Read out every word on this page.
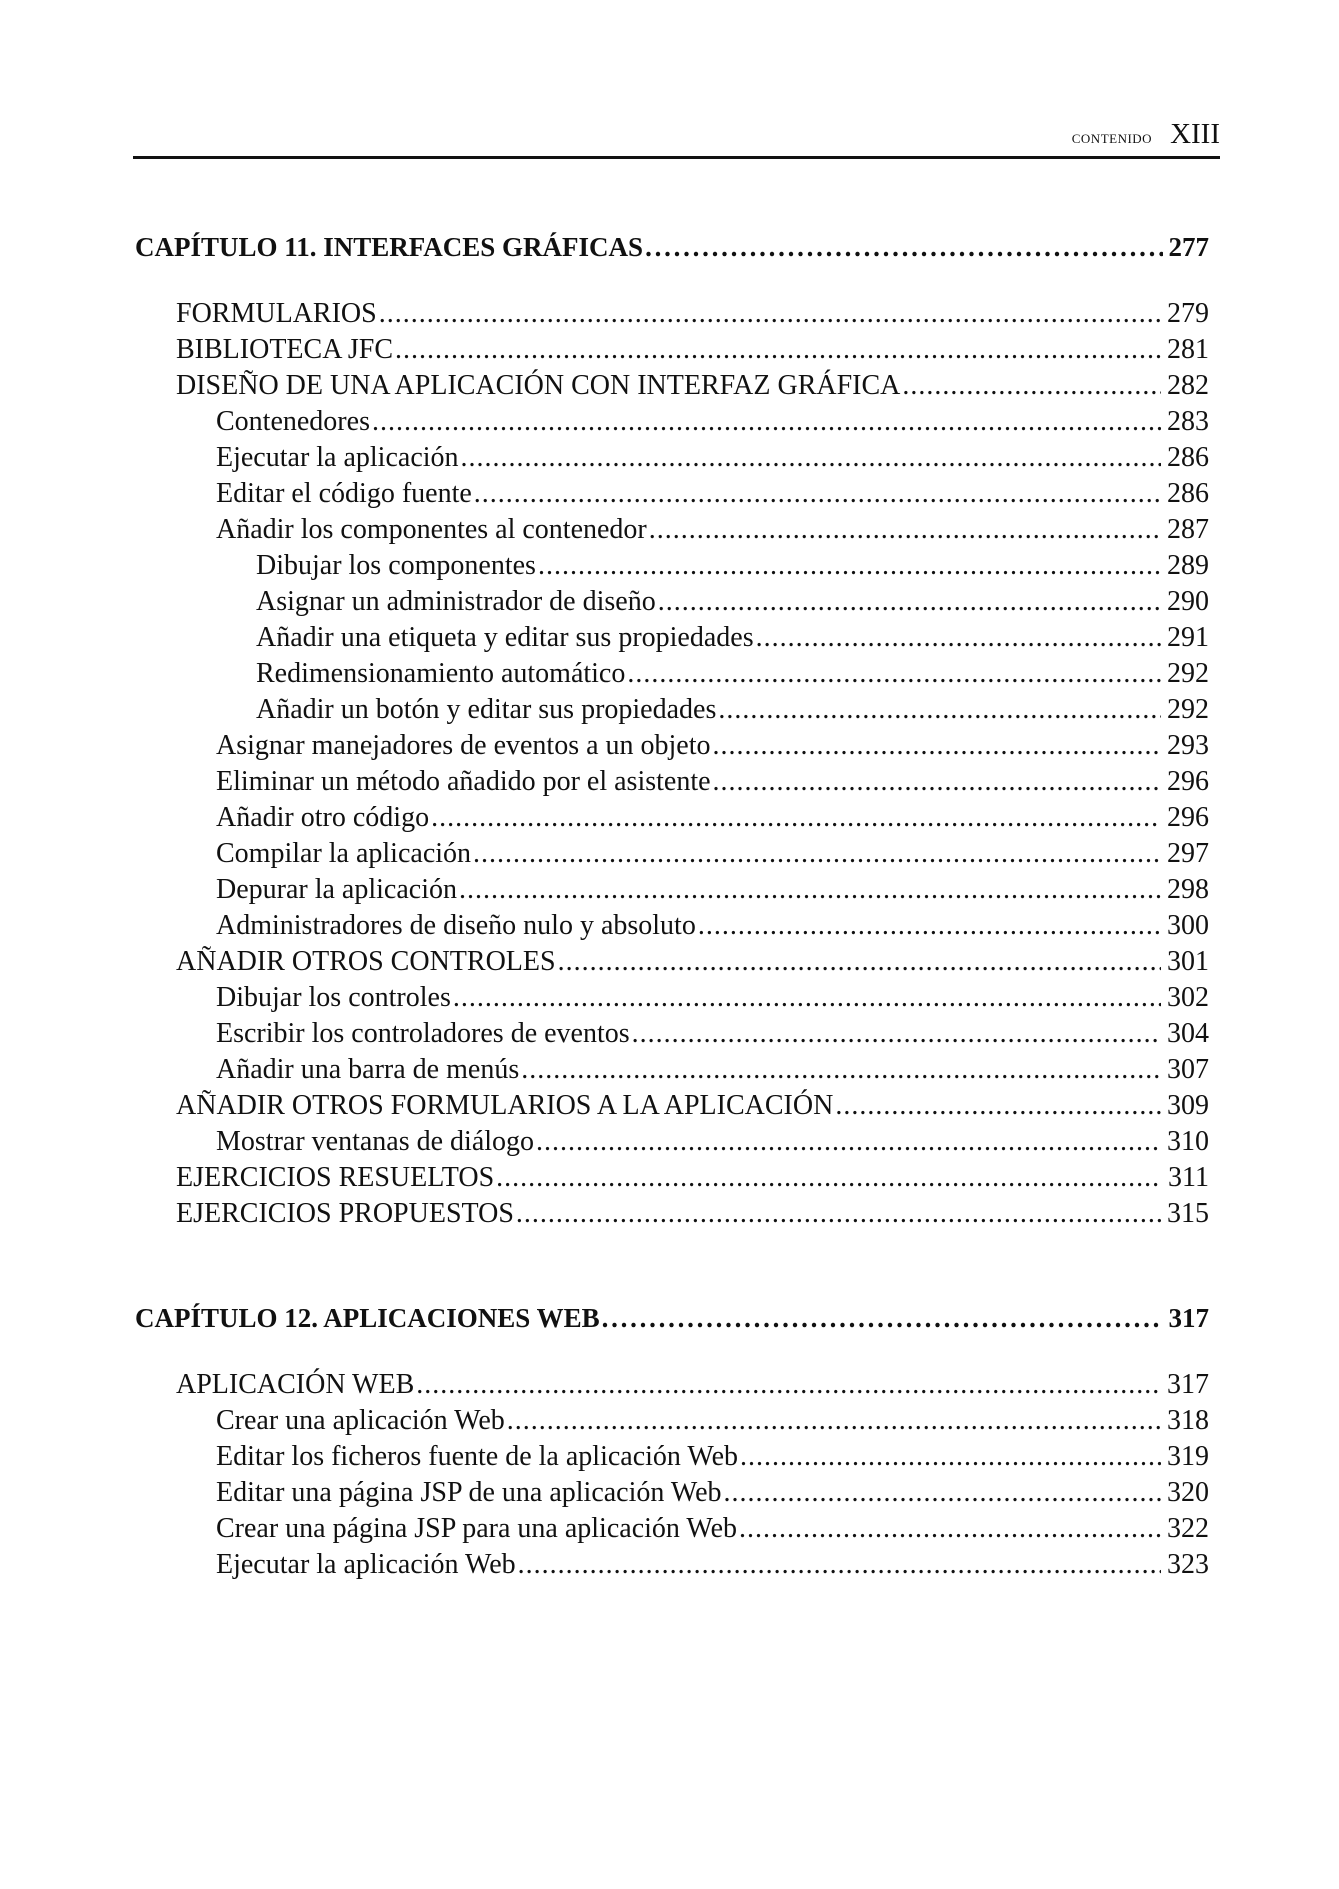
contenido XIII
CAPÍTULO 11. INTERFACES GRÁFICAS . . .	277
FORMULARIOS . . .	279
BIBLIOTECA JFC . . .	281
DISEÑO DE UNA APLICACIÓN CON INTERFAZ GRÁFICA . . .	282
Contenedores . . .	283
Ejecutar la aplicación . . .	286
Editar el código fuente . . .	286
Añadir los componentes al contenedor . . .	287
Dibujar los componentes . . .	289
Asignar un administrador de diseño . . .	290
Añadir una etiqueta y editar sus propiedades . . .	291
Redimensionamiento automático . . .	292
Añadir un botón y editar sus propiedades . . .	292
Asignar manejadores de eventos a un objeto . . .	293
Eliminar un método añadido por el asistente . . .	296
Añadir otro código . . .	296
Compilar la aplicación . . .	297
Depurar la aplicación . . .	298
Administradores de diseño nulo y absoluto . . .	300
AÑADIR OTROS CONTROLES . . .	301
Dibujar los controles . . .	302
Escribir los controladores de eventos . . .	304
Añadir una barra de menús . . .	307
AÑADIR OTROS FORMULARIOS A LA APLICACIÓN . . .	309
Mostrar ventanas de diálogo . . .	310
EJERCICIOS RESUELTOS . . .	311
EJERCICIOS PROPUESTOS . . .	315
CAPÍTULO 12. APLICACIONES WEB . . .	317
APLICACIÓN WEB . . .	317
Crear una aplicación Web . . .	318
Editar los ficheros fuente de la aplicación Web . . .	319
Editar una página JSP de una aplicación Web . . .	320
Crear una página JSP para una aplicación Web . . .	322
Ejecutar la aplicación Web . . .	323
